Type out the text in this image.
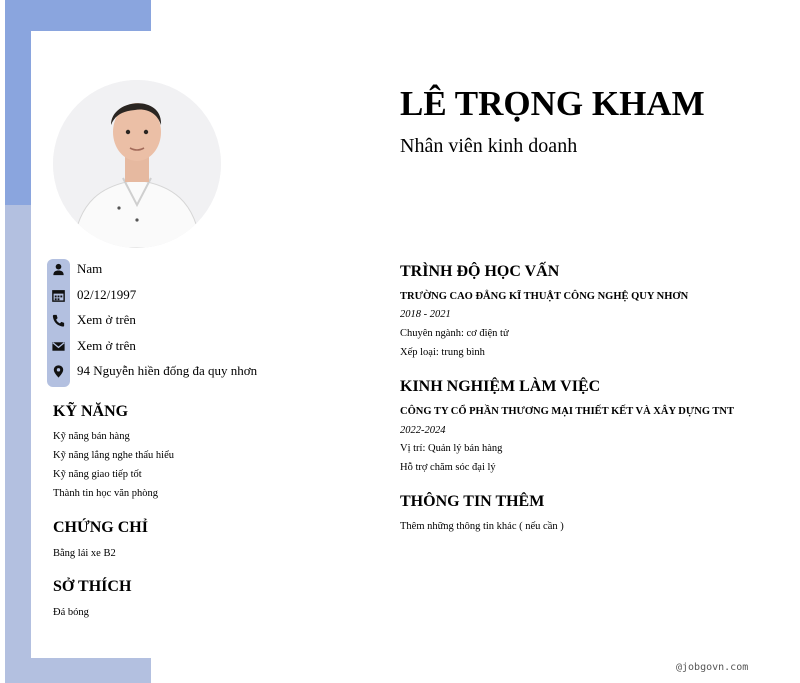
LÊ TRỌNG KHAM
Nhân viên kinh doanh
Nam
02/12/1997
Xem ở trên
Xem ở trên
94 Nguyễn hiền đống đa quy nhơn
KỸ NĂNG
Kỹ năng bán hàng
Kỹ năng lắng nghe thấu hiểu
Kỹ năng giao tiếp tốt
Thành tin học văn phòng
CHỨNG CHỈ
Bằng lái xe B2
SỞ THÍCH
Đá bóng
TRÌNH ĐỘ HỌC VẤN
TRƯỜNG CAO ĐẲNG KĨ THUẬT CÔNG NGHỆ QUY NHƠN
2018 - 2021
Chuyên ngành: cơ điện tử
Xếp loại: trung bình
KINH NGHIỆM LÀM VIỆC
CÔNG TY CỔ PHẦN THƯƠNG MẠI THIẾT KẾT VÀ XÂY DỰNG TNT
2022-2024
Vị trí: Quản lý bán hàng
Hỗ trợ chăm sóc đại lý
THÔNG TIN THÊM
Thêm những thông tin khác ( nếu cần )
@jobgovn.com
